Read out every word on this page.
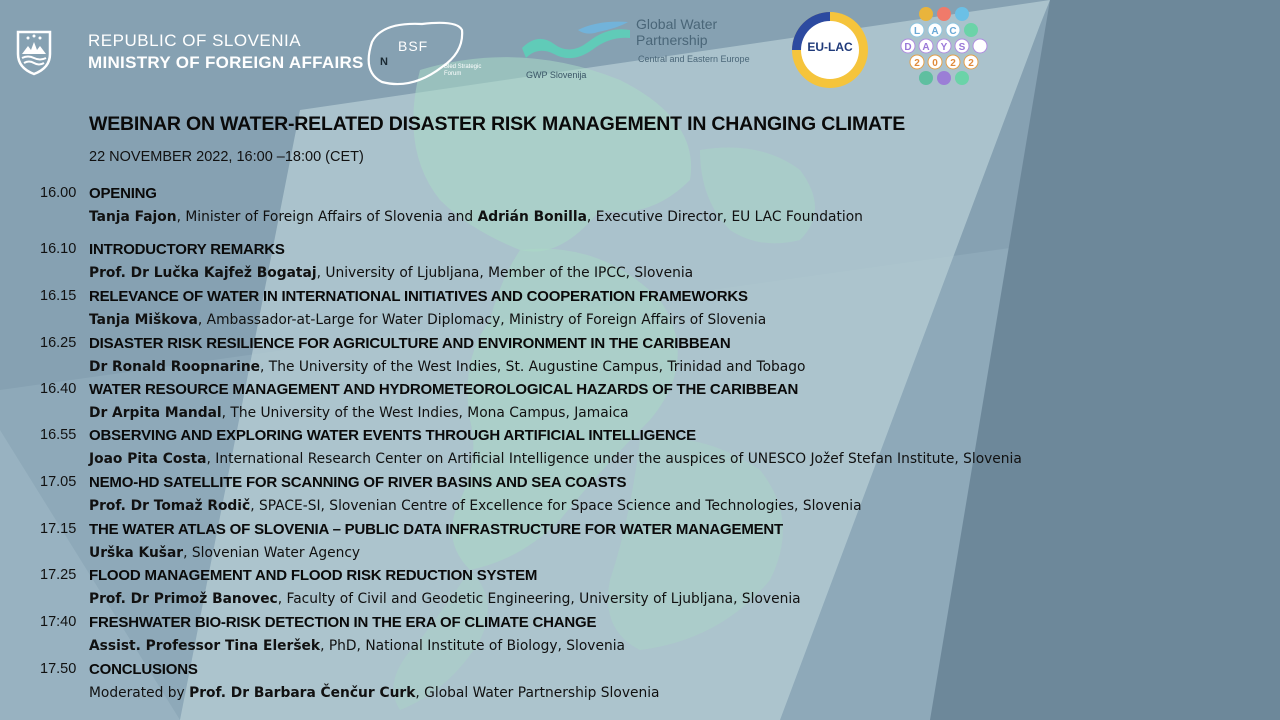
REPUBLIC OF SLOVENIA
MINISTRY OF FOREIGN AFFAIRS
BSF
N	Bled Strategic Forum
Global Water
Partnership
Central and Eastern Europe
GWP Slovenija
EU-LAC
L A C
D A Y S
2 0 2 2
WEBINAR ON WATER-RELATED DISASTER RISK MANAGEMENT IN CHANGING CLIMATE
22 NOVEMBER 2022, 16:00 –18:00 (CET)
16.00 OPENING
Tanja Fajon, Minister of Foreign Affairs of Slovenia and Adrián Bonilla, Executive Director, EU LAC Foundation
16.10 INTRODUCTORY REMARKS
Prof. Dr Lučka Kajfež Bogataj, University of Ljubljana, Member of the IPCC, Slovenia
16.15 RELEVANCE OF WATER IN INTERNATIONAL INITIATIVES AND COOPERATION FRAMEWORKS
Tanja Miškova, Ambassador-at-Large for Water Diplomacy, Ministry of Foreign Affairs of Slovenia
16.25 DISASTER RISK RESILIENCE FOR AGRICULTURE AND ENVIRONMENT IN THE CARIBBEAN
Dr Ronald Roopnarine, The University of the West Indies, St. Augustine Campus, Trinidad and Tobago
16.40 WATER RESOURCE MANAGEMENT AND HYDROMETEOROLOGICAL HAZARDS OF THE CARIBBEAN
Dr Arpita Mandal, The University of the West Indies, Mona Campus, Jamaica
16.55 OBSERVING AND EXPLORING WATER EVENTS THROUGH ARTIFICIAL INTELLIGENCE
Joao Pita Costa, International Research Center on Artificial Intelligence under the auspices of UNESCO Jožef Stefan Institute, Slovenia
17.05 NEMO-HD SATELLITE FOR SCANNING OF RIVER BASINS AND SEA COASTS
Prof. Dr Tomaž Rodič, SPACE-SI, Slovenian Centre of Excellence for Space Science and Technologies, Slovenia
17.15 THE WATER ATLAS OF SLOVENIA – PUBLIC DATA INFRASTRUCTURE FOR WATER MANAGEMENT
Urška Kušar, Slovenian Water Agency
17.25 FLOOD MANAGEMENT AND FLOOD RISK REDUCTION SYSTEM
Prof. Dr Primož Banovec, Faculty of Civil and Geodetic Engineering, University of Ljubljana, Slovenia
17:40 FRESHWATER BIO-RISK DETECTION IN THE ERA OF CLIMATE CHANGE
Assist. Professor Tina Eleršek, PhD, National Institute of Biology, Slovenia
17.50 CONCLUSIONS
Moderated by Prof. Dr Barbara Čenčur Curk, Global Water Partnership Slovenia
